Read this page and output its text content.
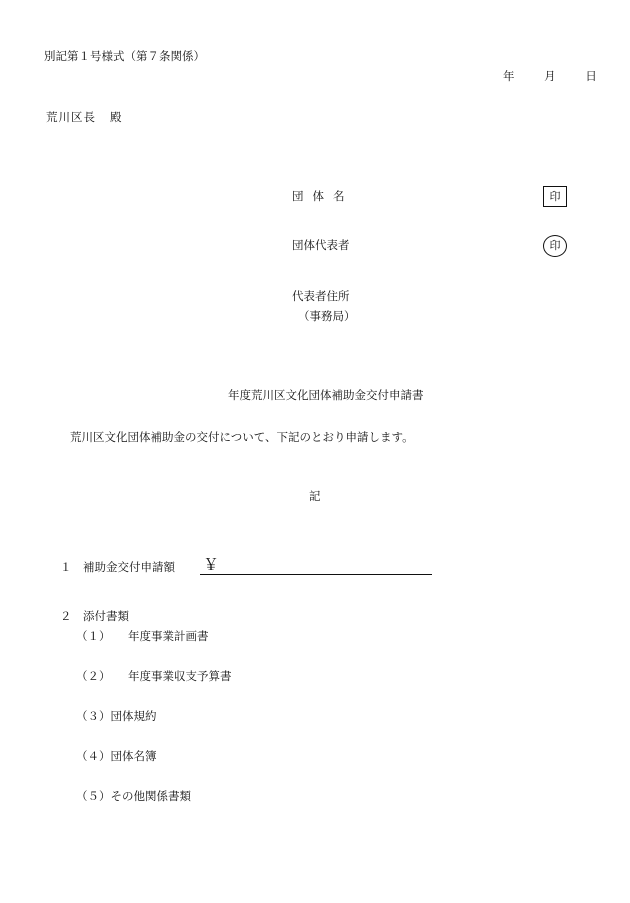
別記第１号様式（第７条関係）
年	月	日
荒川区長 殿
団体名	印
団体代表者	印
代表者住所
（事務局）
年度荒川区文化団体補助金交付申請書
荒川区文化団体補助金の交付について、下記のとおり申請します。
記
１ 補助金交付申請額 ￥
２ 添付書類
（１） 年度事業計画書
（２） 年度事業収支予算書
（３）団体規約
（４）団体名簿
（５）その他関係書類
